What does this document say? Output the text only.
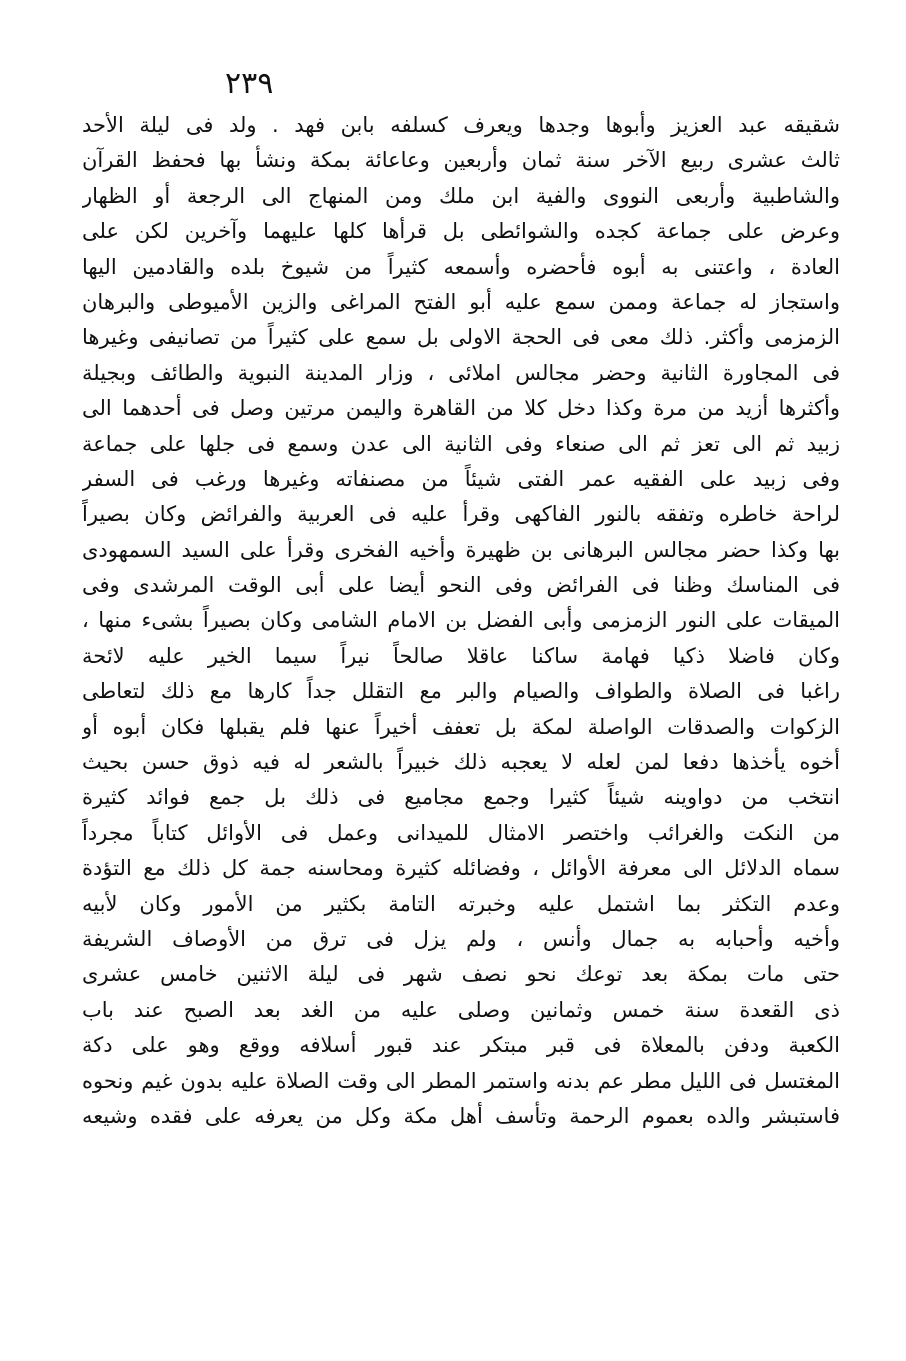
٢٣٩
شقيقه عبد العزيز وأبوها وجدها ويعرف كسلفه بابن فهد . ولد فى ليلة الأحد
ثالث عشرى ربيع الآخر سنة ثمان وأربعين وعاعائة بمكة ونشأ بها فحفظ القرآن
والشاطبية وأربعى النووى والفية ابن ملك ومن المنهاج الى الرجعة أو الظهار
وعرض على جماعة كجده والشوائطى بل قرأها كلها عليهما وآخرين لكن على
العادة ، واعتنى به أبوه فأحضره وأسمعه كثيراً من شيوخ بلده والقادمين اليها
واستجاز له جماعة وممن سمع عليه أبو الفتح المراغى والزين الأميوطى والبرهان
الزمزمى وأكثر. ذلك معى فى الحجة الاولى بل سمع على كثيراً من تصانيفى وغيرها
فى المجاورة الثانية وحضر مجالس املائى ، وزار المدينة النبوية والطائف وبجيلة
وأكثرها أزيد من مرة وكذا دخل كلا من القاهرة واليمن مرتين وصل فى أحدهما الى
زبيد ثم الى تعز ثم الى صنعاء وفى الثانية الى عدن وسمع فى جلها على جماعة
وفى زبيد على الفقيه عمر الفتى شيئاً من مصنفاته وغيرها ورغب فى السفر
لراحة خاطره وتفقه بالنور الفاكهى وقرأ عليه فى العربية والفرائض وكان بصيراً
بها وكذا حضر مجالس البرهانى بن ظهيرة وأخيه الفخرى وقرأ على السيد السمهودى
فى المناسك وظنا فى الفرائض وفى النحو أيضا على أبى الوقت المرشدى وفى
الميقات على النور الزمزمى وأبى الفضل بن الامام الشامى وكان بصيراً بشىء منها ،
وكان فاضلا ذكيا فهامة ساكنا عاقلا صالحاً نيراً سيما الخير عليه لائحة
راغبا فى الصلاة والطواف والصيام والبر مع التقلل جداً كارها مع ذلك لتعاطى
الزكوات والصدقات الواصلة لمكة بل تعفف أخيراً عنها فلم يقبلها فكان أبوه أو
أخوه يأخذها دفعا لمن لعله لا يعجبه ذلك خبيراً بالشعر له فيه ذوق حسن بحيث
انتخب من دواوينه شيئاً كثيرا وجمع مجاميع فى ذلك بل جمع فوائد كثيرة
من النكت والغرائب واختصر الامثال للميدانى وعمل فى الأوائل كتاباً مجرداً
سماه الدلائل الى معرفة الأوائل ، وفضائله كثيرة ومحاسنه جمة كل ذلك مع التؤدة
وعدم التكثر بما اشتمل عليه وخبرته التامة بكثير من الأمور وكان لأبيه
وأخيه وأحبابه به جمال وأنس ، ولم يزل فى ترق من الأوصاف الشريفة
حتى مات بمكة بعد توعك نحو نصف شهر فى ليلة الاثنين خامس عشرى
ذى القعدة سنة خمس وثمانين وصلى عليه من الغد بعد الصبح عند باب
الكعبة ودفن بالمعلاة فى قبر مبتكر عند قبور أسلافه ووقع وهو على دكة
المغتسل فى الليل مطر عم بدنه واستمر المطر الى وقت الصلاة عليه بدون غيم ونحوه
فاستبشر والده بعموم الرحمة وتأسف أهل مكة وكل من يعرفه على فقده وشيعه
